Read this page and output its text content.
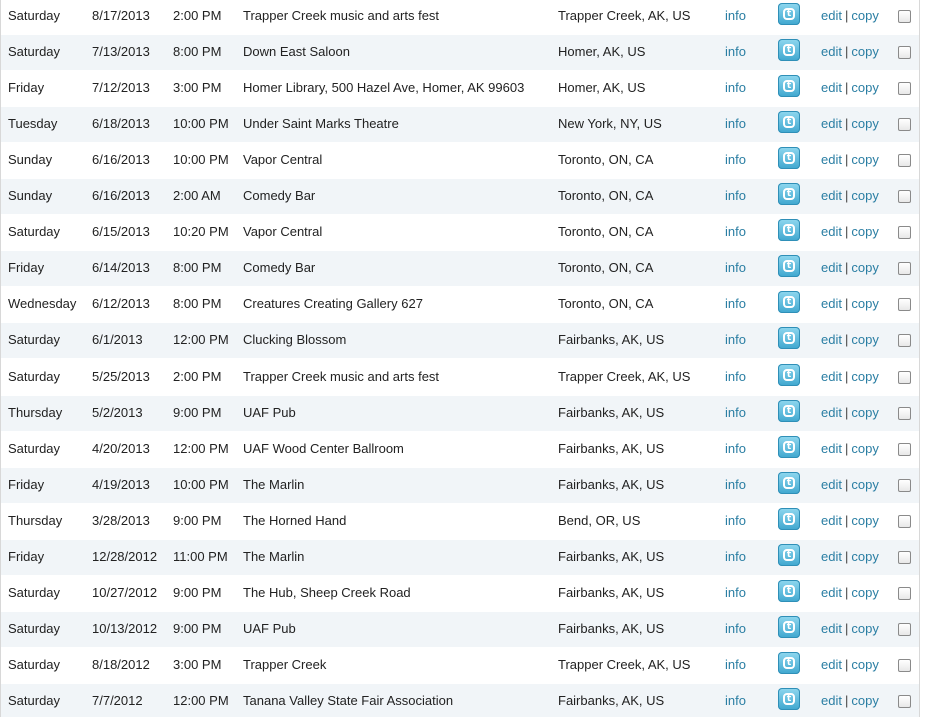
Saturday 8/17/2013 2:00 PM Trapper Creek music and arts fest	Trapper Creek, AK, US	info	t edit | copy
Saturday 7/13/2013 8:00 PM Down East Saloon	Homer, AK, US	info	t edit | copy
Friday	7/12/2013 3:00 PM Homer Library, 500 Hazel Ave, Homer, AK 99603	Homer, AK, US	info	t edit | copy
Tuesday	6/18/2013 10:00 PM Under Saint Marks Theatre	New York, NY, US	info	t edit | copy
Sunday	6/16/2013 10:00 PM Vapor Central	Toronto, ON, CA	info	t edit | copy
Sunday	6/16/2013 2:00 AM Comedy Bar	Toronto, ON, CA	info	t edit | copy
Saturday 6/15/2013 10:20 PM Vapor Central	Toronto, ON, CA	info	t edit | copy
Friday	6/14/2013 8:00 PM Comedy Bar	Toronto, ON, CA	info	t edit | copy
Wednesday 6/12/2013 8:00 PM Creatures Creating Gallery 627	Toronto, ON, CA	info	t edit | copy
Saturday 6/1/2013 12:00 PM Clucking Blossom	Fairbanks, AK, US	info	t edit | copy
Saturday 5/25/2013 2:00 PM Trapper Creek music and arts fest	Trapper Creek, AK, US	info	t edit | copy
Thursday 5/2/2013 9:00 PM UAF Pub	Fairbanks, AK, US	info	t edit | copy
Saturday 4/20/2013 12:00 PM UAF Wood Center Ballroom	Fairbanks, AK, US	info	t edit | copy
Friday	4/19/2013 10:00 PM The Marlin	Fairbanks, AK, US	info	t edit | copy
Thursday 3/28/2013 9:00 PM The Horned Hand	Bend, OR, US	info	t edit | copy
Friday	12/28/2012 11:00 PM The Marlin	Fairbanks, AK, US	info	t edit | copy
Saturday 10/27/2012 9:00 PM The Hub, Sheep Creek Road	Fairbanks, AK, US	info	t edit | copy
Saturday 10/13/2012 9:00 PM UAF Pub	Fairbanks, AK, US	info	t edit | copy
Saturday 8/18/2012 3:00 PM Trapper Creek	Trapper Creek, AK, US	info	t edit | copy
Saturday 7/7/2012 12:00 PM Tanana Valley State Fair Association	Fairbanks, AK, US	info	t edit | copy
